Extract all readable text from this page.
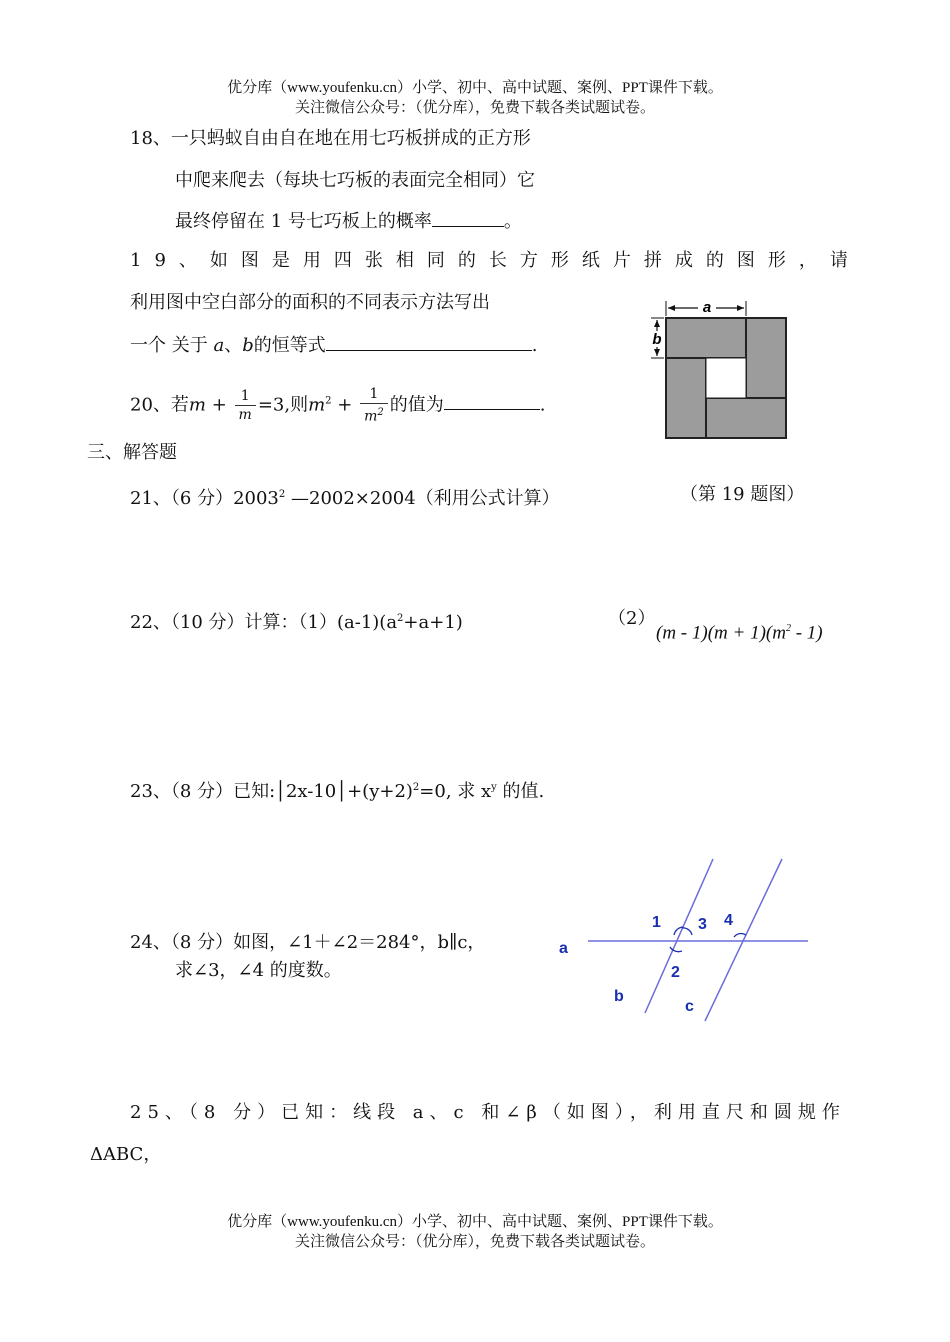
优分库（www.youfenku.cn）小学、初中、高中试题、案例、PPT课件下载。
关注微信公众号：（优分库），免费下载各类试题试卷。
18、一只蚂蚁自由自在地在用七巧板拼成的正方形
中爬来爬去（每块七巧板的表面完全相同）它
最终停留在 1 号七巧板上的概率	。
19、如图是用四张相同的长方形纸片拼成的图形，请
利用图中空白部分的面积的不同表示方法写出
一个 关于 a、b的恒等式	.
a
b
20、若$m + \frac{1}{m} =3$,则$m^2 + \frac{1}{m^2}$ 的值为	.
三、解答题
21、（6 分）2003$^2$ —2002×2004（利用公式计算）	（第 19 题图）
22、（10 分）计算：$(1)(a-1)(a^2+a+1)$	（2）
$(m - 1)(m + 1)(m^2 - 1)$
23、（8 分）已知$:│2x-10│+(y+2)^2=0$, 求 $x^y$ 的值.
24、（8 分）如图，∠1＋∠2＝284°，b∥c，
求∠3，∠4 的度数。
1 3 4
2
a
b
c
25、（8 分）已知：线段 a、c 和∠β（如图），利用直尺和圆规作
ΔABC，
优分库（www.youfenku.cn）小学、初中、高中试题、案例、PPT课件下载。
关注微信公众号：（优分库），免费下载各类试题试卷。
